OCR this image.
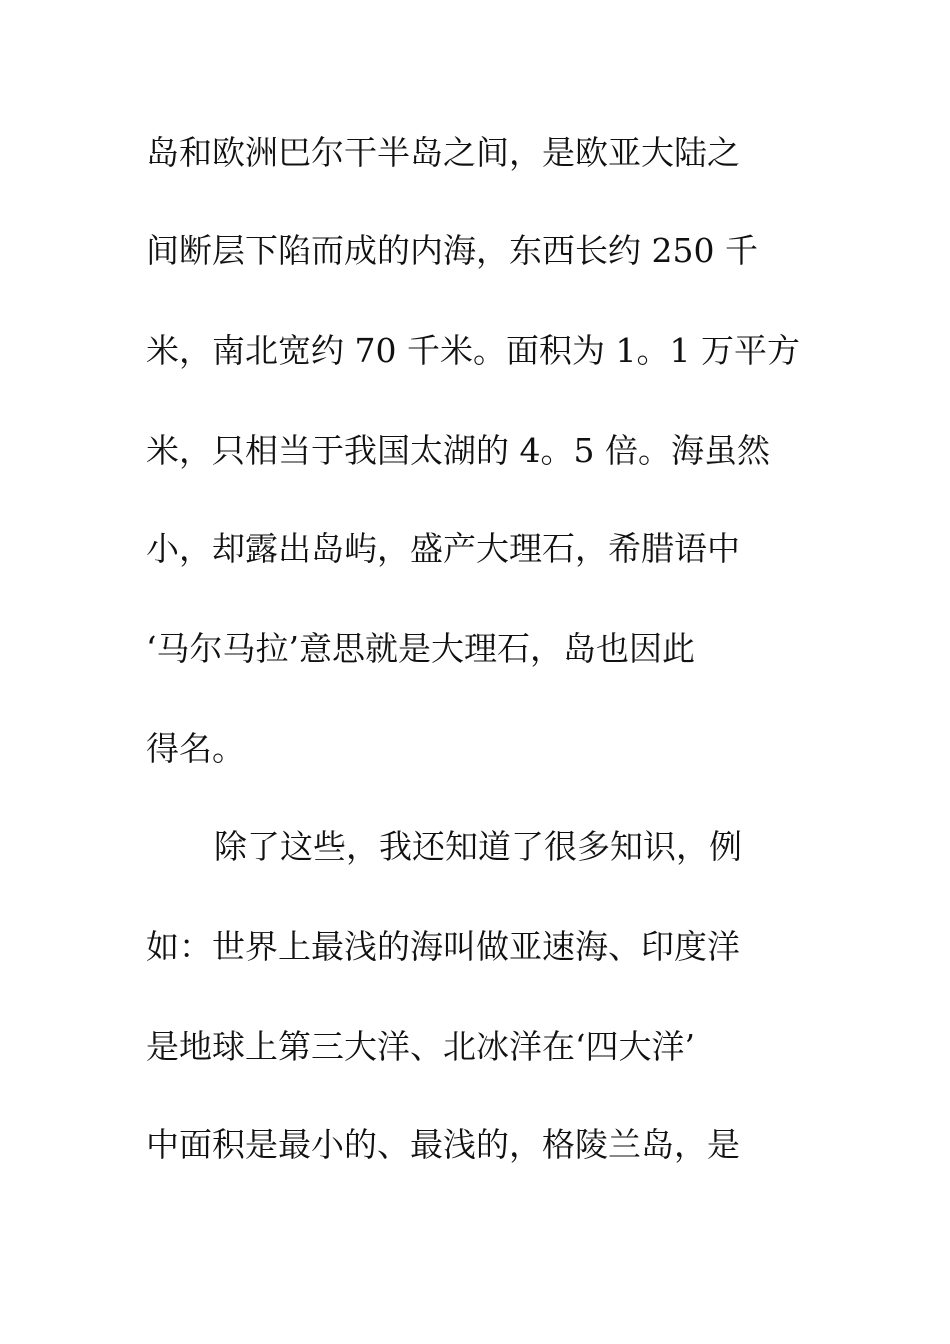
岛和欧洲巴尔干半岛之间，是欧亚大陆之
间断层下陷而成的内海，东西长约 250 千
米，南北宽约 70 千米。面积为 1。1 万平方
米，只相当于我国太湖的 4。5 倍。海虽然
小，却露出岛屿，盛产大理石，希腊语中
‘马尔马拉’意思就是大理石，岛也因此
得名。
除了这些，我还知道了很多知识，例
如：世界上最浅的海叫做亚速海、印度洋
是地球上第三大洋、北冰洋在‘四大洋’
中面积是最小的、最浅的，格陵兰岛，是
